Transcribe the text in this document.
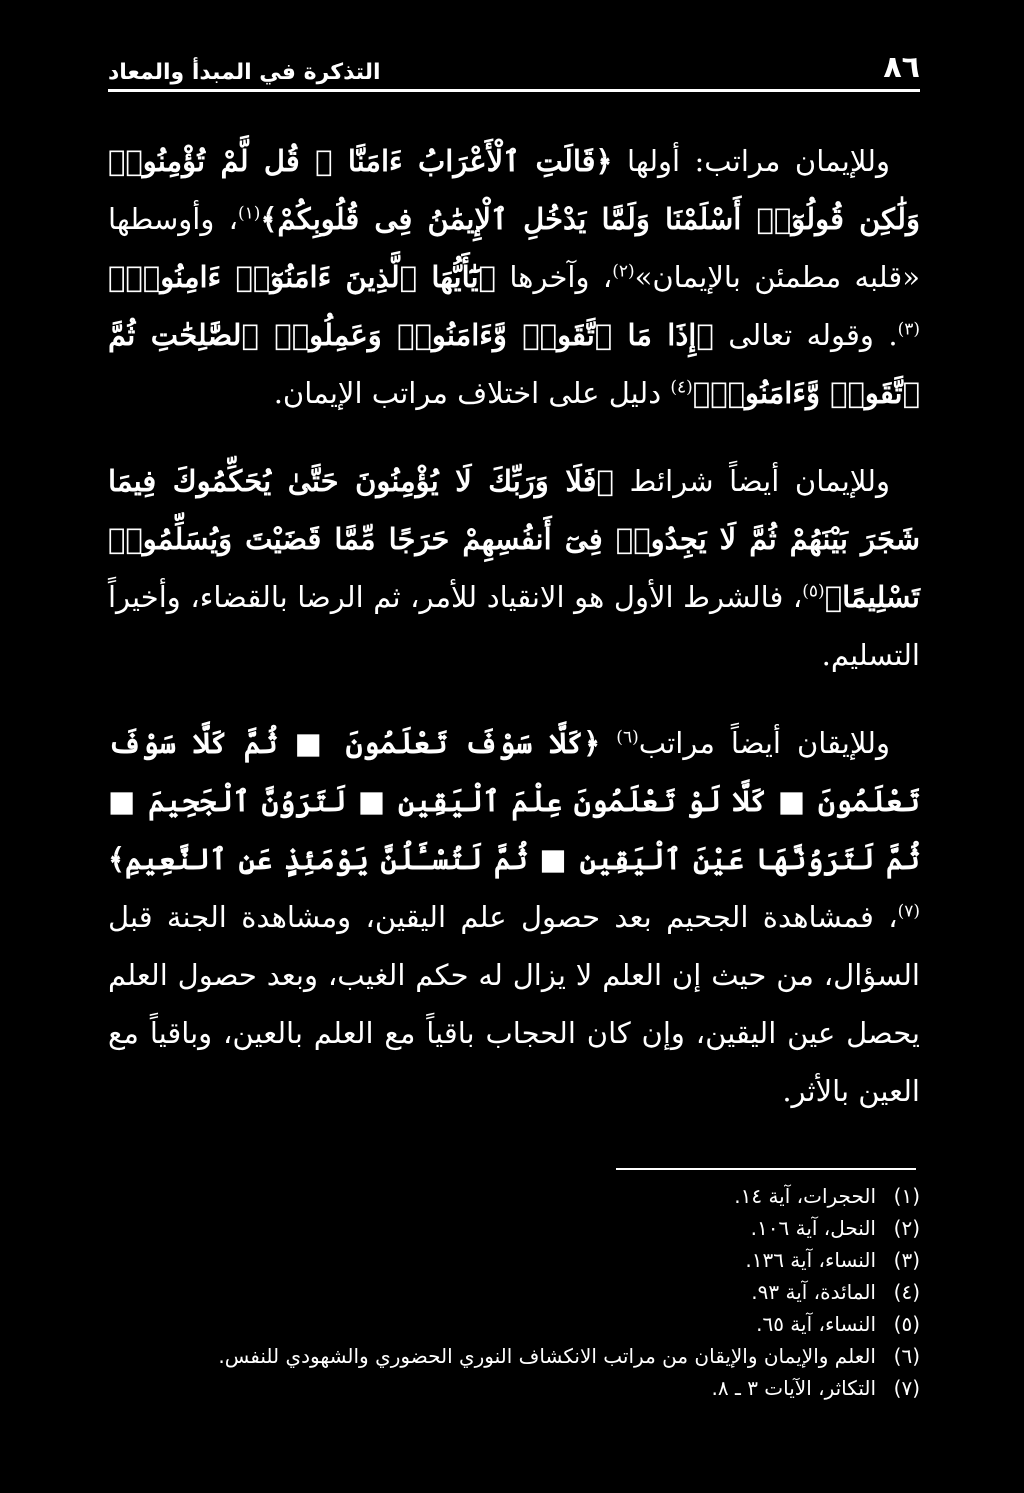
٨٦
التذكرة في المبدأ والمعاد

وللإيمان مراتب: أولها ﴿قَالَتِ ٱلْأَعْرَابُ ءَامَنَّا ۖ قُل لَّمْ تُؤْمِنُوا۟ وَلَٰكِن قُولُوٓا۟ أَسْلَمْنَا وَلَمَّا يَدْخُلِ ٱلْإِيمَٰنُ فِى قُلُوبِكُمْ﴾$^{(١)}$، وأوسطها «قلبه مطمئن بالإيمان»$^{(٢)}$، وآخرها ﴿يَٰٓأَيُّهَا ٱلَّذِينَ ءَامَنُوٓا۟ ءَامِنُوا۟﴾$^{(٣)}$. وقوله تعالى ﴿إِذَا مَا ٱتَّقَوا۟ وَّءَامَنُوا۟ وَعَمِلُوا۟ ٱلصَّٰلِحَٰتِ ثُمَّ ٱتَّقَوا۟ وَّءَامَنُوا۟﴾$^{(٤)}$ دليل على اختلاف مراتب الإيمان.

وللإيمان أيضاً شرائط ﴿فَلَا وَرَبِّكَ لَا يُؤْمِنُونَ حَتَّىٰ يُحَكِّمُوكَ فِيمَا شَجَرَ بَيْنَهُمْ ثُمَّ لَا يَجِدُوا۟ فِىٓ أَنفُسِهِمْ حَرَجًا مِّمَّا قَضَيْتَ وَيُسَلِّمُوا۟ تَسْلِيمًا﴾$^{(٥)}$، فالشرط الأول هو الانقياد للأمر، ثم الرضا بالقضاء، وأخيراً التسليم.

وللإيقان أيضاً مراتب$^{(٦)}$ ﴿كَلَّا سَوْفَ تَعْلَمُونَ ■ ثُمَّ كَلَّا سَوْفَ تَعْلَمُونَ ■ كَلَّا لَوْ تَعْلَمُونَ عِلْمَ ٱلْيَقِينِ ■ لَتَرَوُنَّ ٱلْجَحِيمَ ■ ثُمَّ لَتَرَوُنَّهَا عَيْنَ ٱلْيَقِينِ ■ ثُمَّ لَتُسْـَٔلُنَّ يَوْمَئِذٍ عَنِ ٱلنَّعِيمِ﴾$^{(٧)}$، فمشاهدة الجحيم بعد حصول علم اليقين، ومشاهدة الجنة قبل السؤال، من حيث إن العلم لا يزال له حكم الغيب، وبعد حصول العلم يحصل عين اليقين، وإن كان الحجاب باقياً مع العلم بالعين، وباقياً مع العين بالأثر.

(١)الحجرات، آية ١٤.
(٢)النحل، آية ١٠٦.
(٣)النساء، آية ١٣٦.
(٤)المائدة، آية ٩٣.
(٥)النساء، آية ٦٥.
(٦)العلم والإيمان والإيقان من مراتب الانكشاف النوري الحضوري والشهودي للنفس.
(٧)التكاثر، الآيات ٣ ـ ٨.
